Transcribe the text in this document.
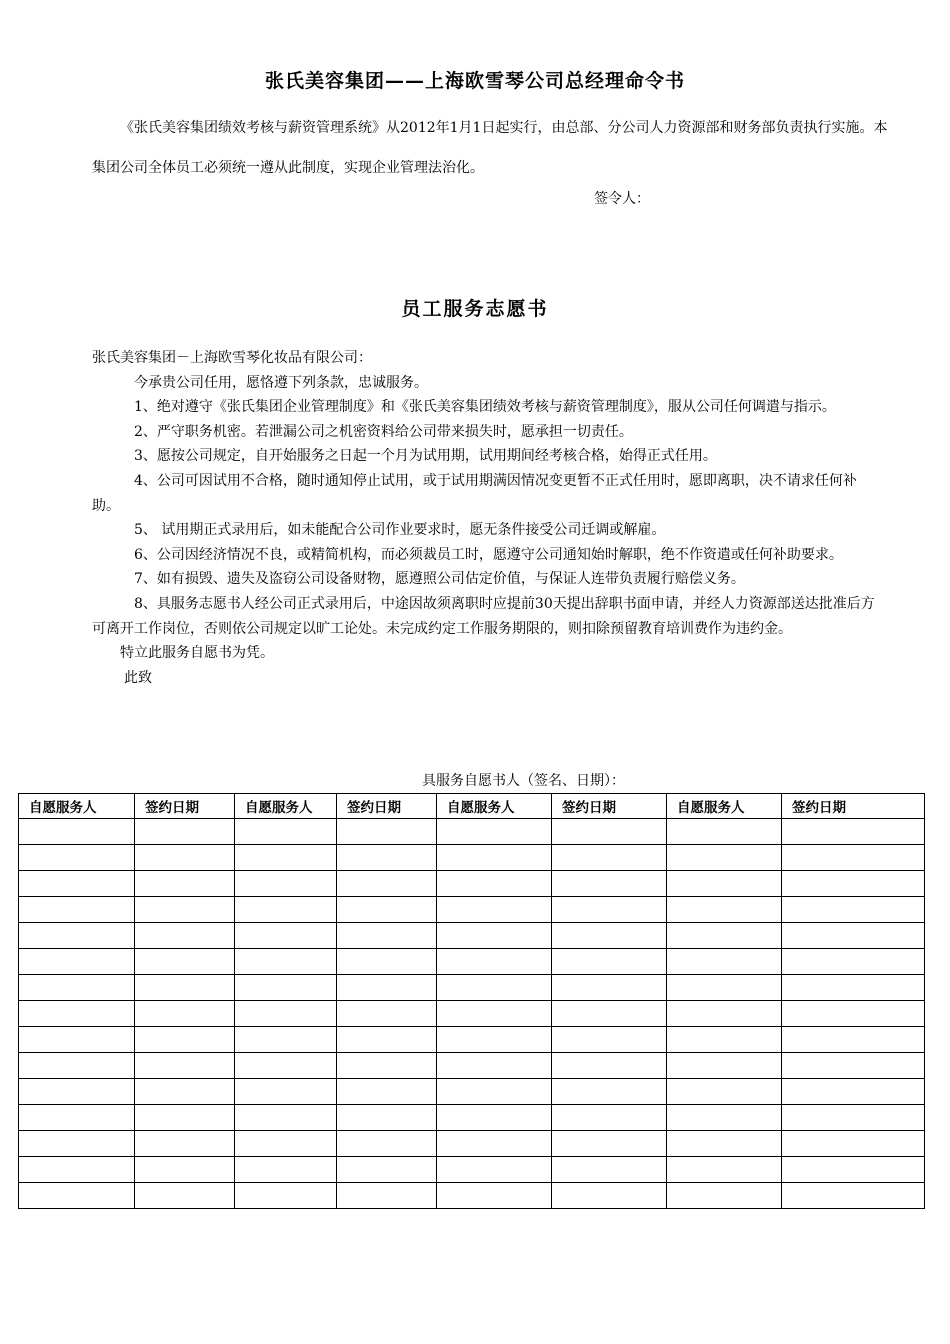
张氏美容集团——上海欧雪琴公司总经理命令书

《张氏美容集团绩效考核与薪资管理系统》从2012年1月1日起实行，由总部、分公司人力资源部和财务部负责执行实施。本集团公司全体员工必须统一遵从此制度，实现企业管理法治化。

签令人：
员工服务志愿书

张氏美容集团－上海欧雪琴化妆品有限公司：

今承贵公司任用，愿恪遵下列条款，忠诚服务。

1、绝对遵守《张氏集团企业管理制度》和《张氏美容集团绩效考核与薪资管理制度》，服从公司任何调遣与指示。

2、严守职务机密。若泄漏公司之机密资料给公司带来损失时，愿承担一切责任。

3、愿按公司规定，自开始服务之日起一个月为试用期，试用期间经考核合格，始得正式任用。

4、公司可因试用不合格，随时通知停止试用，或于试用期满因情况变更暂不正式任用时，愿即离职，决不请求任何补助。

5、 试用期正式录用后，如未能配合公司作业要求时，愿无条件接受公司迁调或解雇。

6、公司因经济情况不良，或精简机构，而必须裁员工时，愿遵守公司通知始时解职，绝不作资遣或任何补助要求。

7、如有损毁、遗失及盗窃公司设备财物，愿遵照公司估定价值，与保证人连带负责履行赔偿义务。

8、具服务志愿书人经公司正式录用后，中途因故须离职时应提前30天提出辞职书面申请，并经人力资源部送达批准后方可离开工作岗位，否则依公司规定以旷工论处。未完成约定工作服务期限的，则扣除预留教育培训费作为违约金。

特立此服务自愿书为凭。

此致

具服务自愿书人（签名、日期）：
自愿服务人	签约日期	自愿服务人	签约日期	自愿服务人	签约日期	自愿服务人	签约日期
